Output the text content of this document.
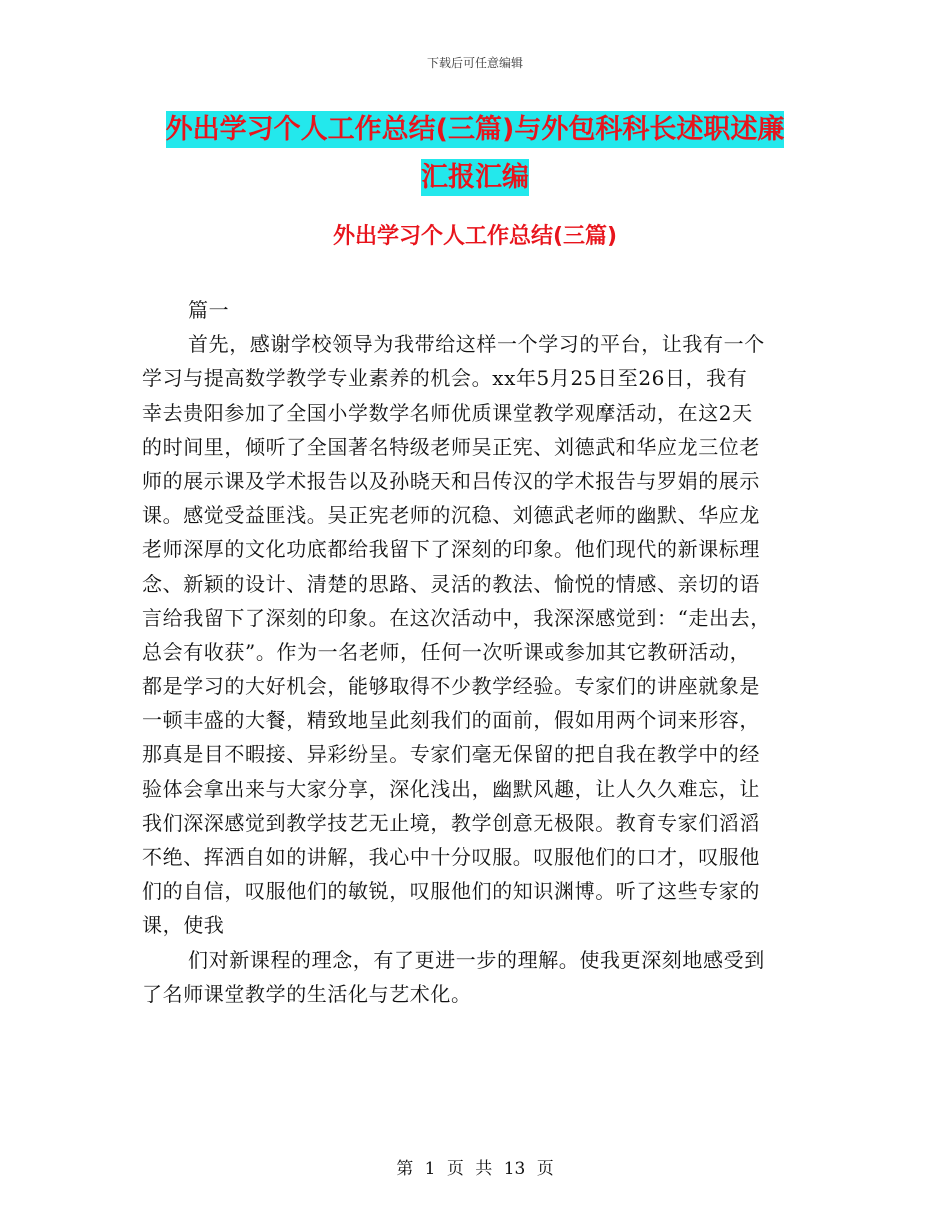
下载后可任意编辑
外出学习个人工作总结(三篇)与外包科科长述职述廉
汇报汇编
外出学习个人工作总结(三篇)
篇一
首先，感谢学校领导为我带给这样一个学习的平台，让我有一个
学习与提高数学教学专业素养的机会。xx年5月25日至26日，我有
幸去贵阳参加了全国小学数学名师优质课堂教学观摩活动，在这2天
的时间里，倾听了全国著名特级老师吴正宪、刘德武和华应龙三位老
师的展示课及学术报告以及孙晓天和吕传汉的学术报告与罗娟的展示
课。感觉受益匪浅。吴正宪老师的沉稳、刘德武老师的幽默、华应龙
老师深厚的文化功底都给我留下了深刻的印象。他们现代的新课标理
念、新颖的设计、清楚的思路、灵活的教法、愉悦的情感、亲切的语
言给我留下了深刻的印象。在这次活动中，我深深感觉到：“走出去，
总会有收获”。作为一名老师，任何一次听课或参加其它教研活动，
都是学习的大好机会，能够取得不少教学经验。专家们的讲座就象是
一顿丰盛的大餐，精致地呈此刻我们的面前，假如用两个词来形容，
那真是目不暇接、异彩纷呈。专家们毫无保留的把自我在教学中的经
验体会拿出来与大家分享，深化浅出，幽默风趣，让人久久难忘，让
我们深深感觉到教学技艺无止境，教学创意无极限。教育专家们滔滔
不绝、挥洒自如的讲解，我心中十分叹服。叹服他们的口才，叹服他
们的自信，叹服他们的敏锐，叹服他们的知识渊博。听了这些专家的
课，使我
们对新课程的理念，有了更进一步的理解。使我更深刻地感受到
了名师课堂教学的生活化与艺术化。
第 1 页 共 13 页
